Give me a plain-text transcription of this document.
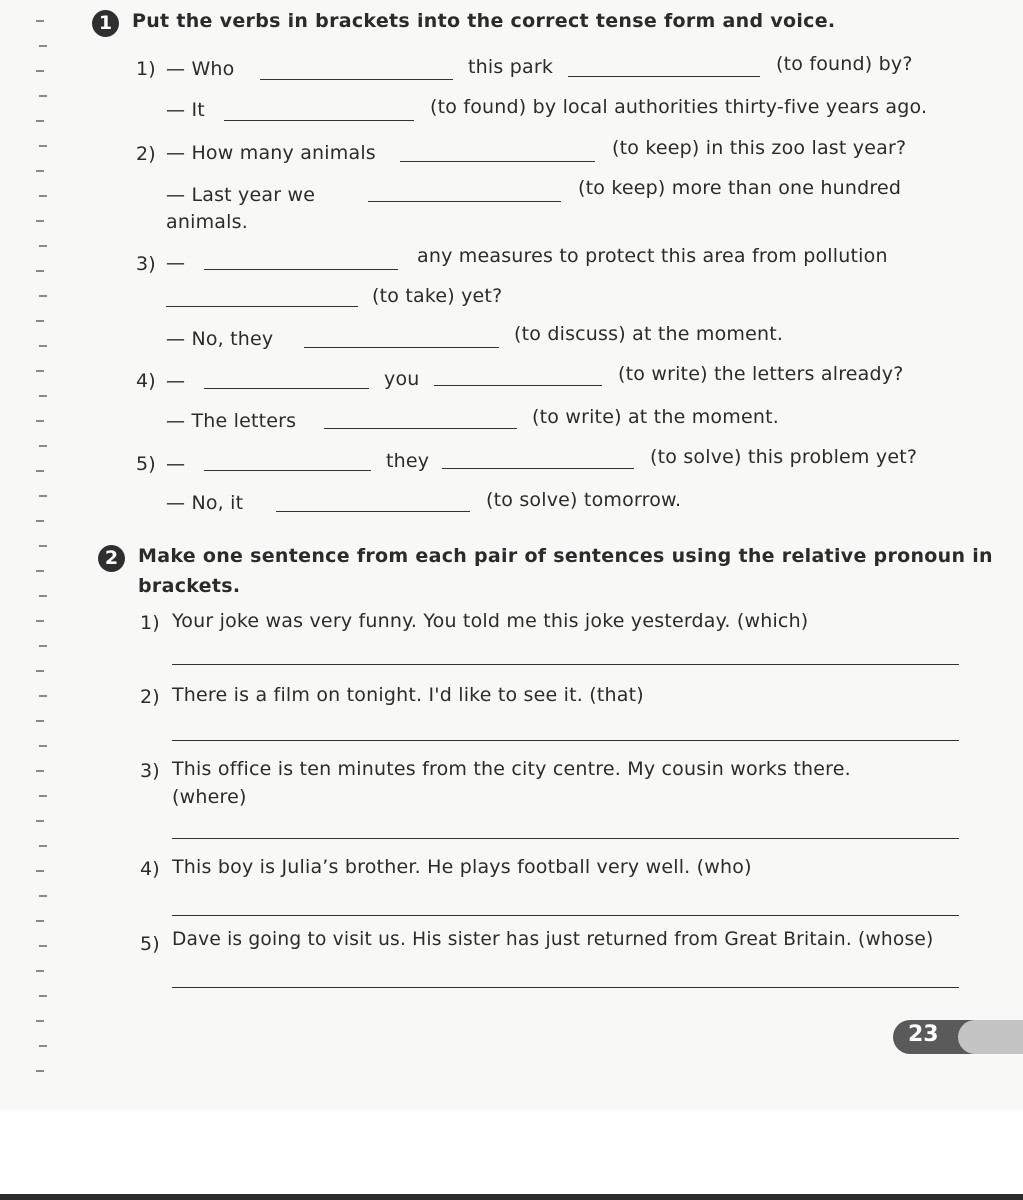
1	Put the verbs in brackets into the correct tense form and voice.
1) — Who	this park	(to found) by?
— It	(to found) by local authorities thirty-five years ago.
2) — How many animals	(to keep) in this zoo last year?
— Last year we	(to keep) more than one hundred
animals.
3) —	any measures to protect this area from pollution
(to take) yet?
— No, they	(to discuss) at the moment.
4) —	you	(to write) the letters already?
— The letters	(to write) at the moment.
5) —	they	(to solve) this problem yet?
— No, it	(to solve) tomorrow.
2	Make one sentence from each pair of sentences using the relative pronoun in
brackets.
1) Your joke was very funny. You told me this joke yesterday. (which)
2) There is a film on tonight. I'd like to see it. (that)
3) This office is ten minutes from the city centre. My cousin works there.
(where)
4) This boy is Julia’s brother. He plays football very well. (who)
5) Dave is going to visit us. His sister has just returned from Great Britain. (whose)
23
